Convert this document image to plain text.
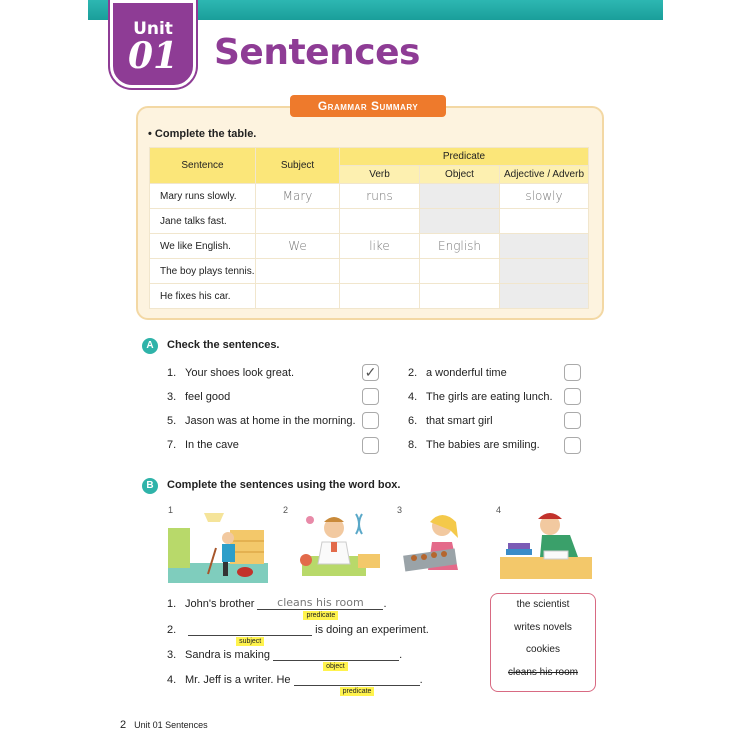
Unit
01 Sentences
Grammar Summary
• Complete the table.
Sentence	Subject	Predicate		
		Verb	Object	Adjective / Adverb
Mary runs slowly.	Mary	runs		slowly
Jane talks fast.				
We like English.	We	like	English	
The boy plays tennis.				
He fixes his car.				
A	Check the sentences.
1. Your shoes look great.	✓	2. a wonderful time
3. feel good	4. The girls are eating lunch.
5. Jason was at home in the morning.	6. that smart girl
7. In the cave	8. The babies are smiling.
B	Complete the sentences using the word box.
1	2	3	4
1. John's brother cleans his room
predicate
.
2.
subject
is doing an experiment.
3. Sandra is making
object
.
4. Mr. Jeff is a writer. He
predicate
.
the scientist
writes novels
cookies
cleans his room
2 Unit 01 Sentences
